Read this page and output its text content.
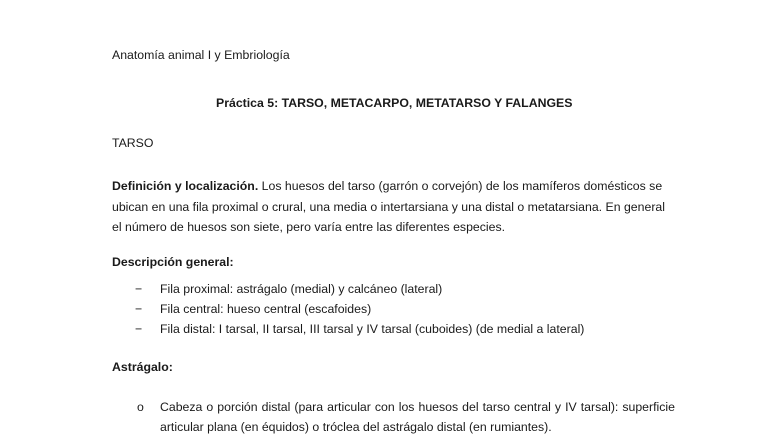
Anatomía animal I y Embriología
Práctica 5: TARSO, METACARPO, METATARSO Y FALANGES
TARSO
Definición y localización. Los huesos del tarso (garrón o corvejón) de los mamíferos domésticos se ubican en una fila proximal o crural, una media o intertarsiana y una distal o metatarsiana. En general el número de huesos son siete, pero varía entre las diferentes especies.
Descripción general:
− Fila proximal: astrágalo (medial) y calcáneo (lateral)
− Fila central: hueso central (escafoides)
− Fila distal: I tarsal, II tarsal, III tarsal y IV tarsal (cuboides) (de medial a lateral)
Astrágalo:
o Cabeza o porción distal (para articular con los huesos del tarso central y IV tarsal): superficie articular plana (en équidos) o tróclea del astrágalo distal (en rumiantes).
